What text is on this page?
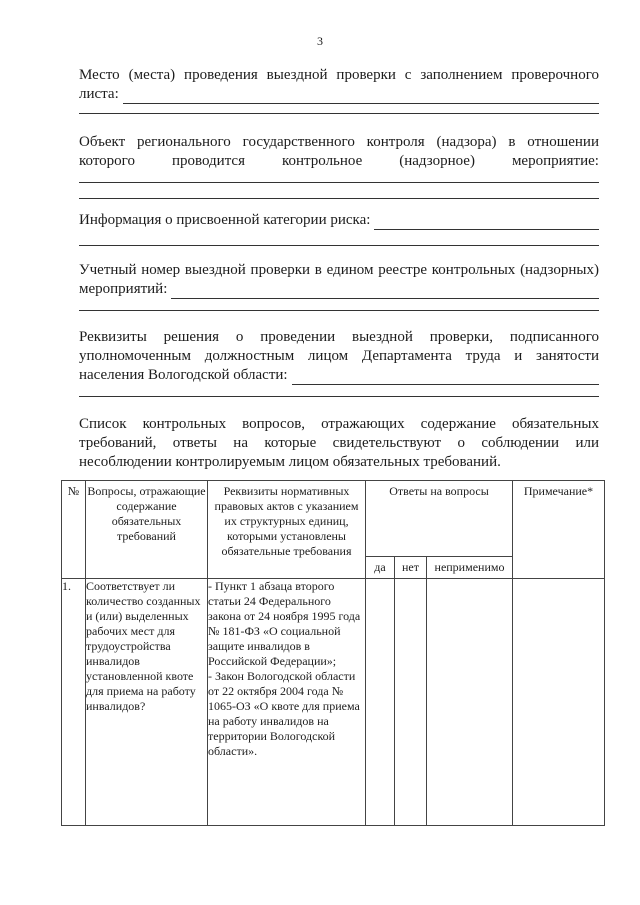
3
Место (места) проведения выездной проверки с заполнением проверочного
листа:
Объект регионального государственного контроля (надзора) в отношении
которого проводится контрольное (надзорное) мероприятие:
Информация о присвоенной категории риска:
Учетный номер выездной проверки в едином реестре контрольных (надзорных)
мероприятий:
Реквизиты решения о проведении выездной проверки, подписанного
уполномоченным должностным лицом Департамента труда и занятости
населения Вологодской области:
Список контрольных вопросов, отражающих содержание обязательных
требований, ответы на которые свидетельствуют о соблюдении или
несоблюдении контролируемым лицом обязательных требований.
№	Вопросы, отражающие содержание обязательных требований	Реквизиты нормативных правовых актов с указанием их структурных единиц, которыми установлены обязательные требования	Ответы на вопросы			Примечание*
			да	нет	неприменимо	
1.	Соответствует ли количество созданных и (или) выделенных рабочих мест для трудоустройства инвалидов установленной квоте для приема на работу инвалидов?	- Пункт 1 абзаца второго статьи 24 Федерального закона от 24 ноября 1995 года № 181-ФЗ «О социальной защите инвалидов в Российской Федерации»;
- Закон Вологодской области от 22 октября 2004 года № 1065-ОЗ «О квоте для приема на работу инвалидов на территории Вологодской области».				
